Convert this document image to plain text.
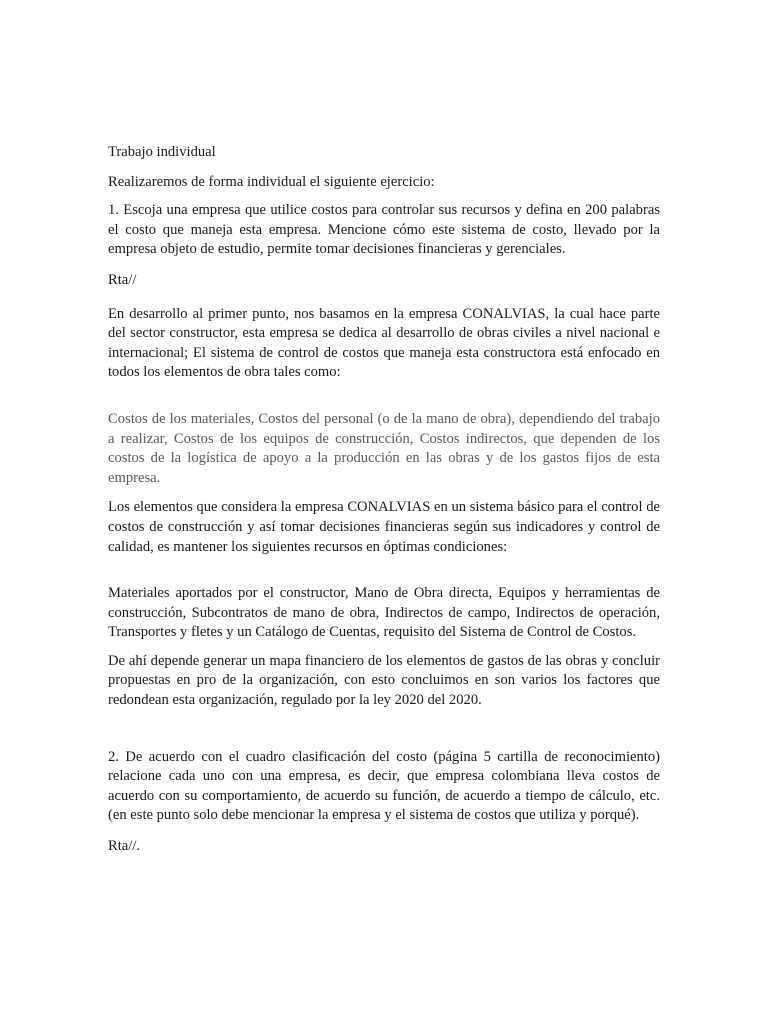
Trabajo individual

Realizaremos de forma individual el siguiente ejercicio:

1. Escoja una empresa que utilice costos para controlar sus recursos y defina en 200 palabras el costo que maneja esta empresa. Mencione cómo este sistema de costo, llevado por la empresa objeto de estudio, permite tomar decisiones financieras y gerenciales.

Rta//

En desarrollo al primer punto, nos basamos en la empresa CONALVIAS, la cual hace parte del sector constructor, esta empresa se dedica al desarrollo de obras civiles a nivel nacional e internacional; El sistema de control de costos que maneja esta constructora está enfocado en todos los elementos de obra tales como:

Costos de los materiales, Costos del personal (o de la mano de obra), dependiendo del trabajo a realizar, Costos de los equipos de construcción, Costos indirectos, que dependen de los costos de la logística de apoyo a la producción en las obras y de los gastos fijos de esta empresa.

Los elementos que considera la empresa CONALVIAS en un sistema básico para el control de costos de construcción y así tomar decisiones financieras según sus indicadores y control de calidad, es mantener los siguientes recursos en óptimas condiciones:

Materiales aportados por el constructor, Mano de Obra directa, Equipos y herramientas de construcción, Subcontratos de mano de obra, Indirectos de campo, Indirectos de operación, Transportes y fletes y un Catálogo de Cuentas, requisito del Sistema de Control de Costos.

De ahí depende generar un mapa financiero de los elementos de gastos de las obras y concluir propuestas en pro de la organización, con esto concluimos en son varios los factores que redondean esta organización, regulado por la ley 2020 del 2020.

2. De acuerdo con el cuadro clasificación del costo (página 5 cartilla de reconocimiento) relacione cada uno con una empresa, es decir, que empresa colombiana lleva costos de acuerdo con su comportamiento, de acuerdo su función, de acuerdo a tiempo de cálculo, etc. (en este punto solo debe mencionar la empresa y el sistema de costos que utiliza y porqué).

Rta//.
